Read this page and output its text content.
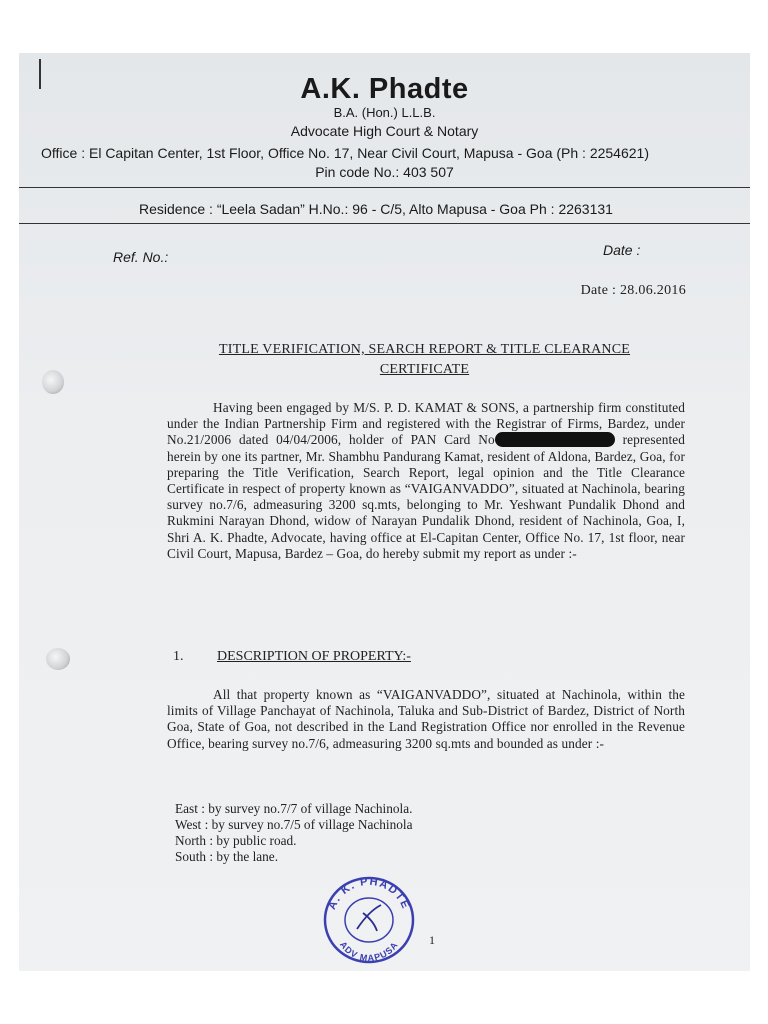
A.K. Phadte
B.A. (Hon.) L.L.B.
Advocate High Court & Notary
Office : El Capitan Center, 1st Floor, Office No. 17, Near Civil Court, Mapusa - Goa (Ph : 2254621)
Pin code No.: 403 507
Residence : “Leela Sadan” H.No.: 96 - C/5, Alto Mapusa - Goa Ph : 2263131
Ref. No.:	Date :
Date : 28.06.2016
TITLE VERIFICATION, SEARCH REPORT & TITLE CLEARANCE
CERTIFICATE
Having been engaged by M/S. P. D. KAMAT & SONS, a partnership firm constituted under the Indian Partnership Firm and registered with the Registrar of Firms, Bardez, under No.21/2006 dated 04/04/2006, holder of PAN Card No	represented herein by one its partner, Mr. Shambhu Pandurang Kamat, resident of Aldona, Bardez, Goa, for preparing the Title Verification, Search Report, legal opinion and the Title Clearance Certificate in respect of property known as “VAIGANVADDO”, situated at Nachinola, bearing survey no.7/6, admeasuring 3200 sq.mts, belonging to Mr. Yeshwant Pundalik Dhond and Rukmini Narayan Dhond, widow of Narayan Pundalik Dhond, resident of Nachinola, Goa, I, Shri A. K. Phadte, Advocate, having office at El-Capitan Center, Office No. 17, 1st floor, near Civil Court, Mapusa, Bardez – Goa, do hereby submit my report as under :-
1. DESCRIPTION OF PROPERTY:-
All that property known as “VAIGANVADDO”, situated at Nachinola, within the limits of Village Panchayat of Nachinola, Taluka and Sub-District of Bardez, District of North Goa, State of Goa, not described in the Land Registration Office nor enrolled in the Revenue Office, bearing survey no.7/6, admeasuring 3200 sq.mts and bounded as under :-
East : by survey no.7/7 of village Nachinola.
West : by survey no.7/5 of village Nachinola
North : by public road.
South : by the lane.
A. K. PHADTE
ADV MAPUSA 1
